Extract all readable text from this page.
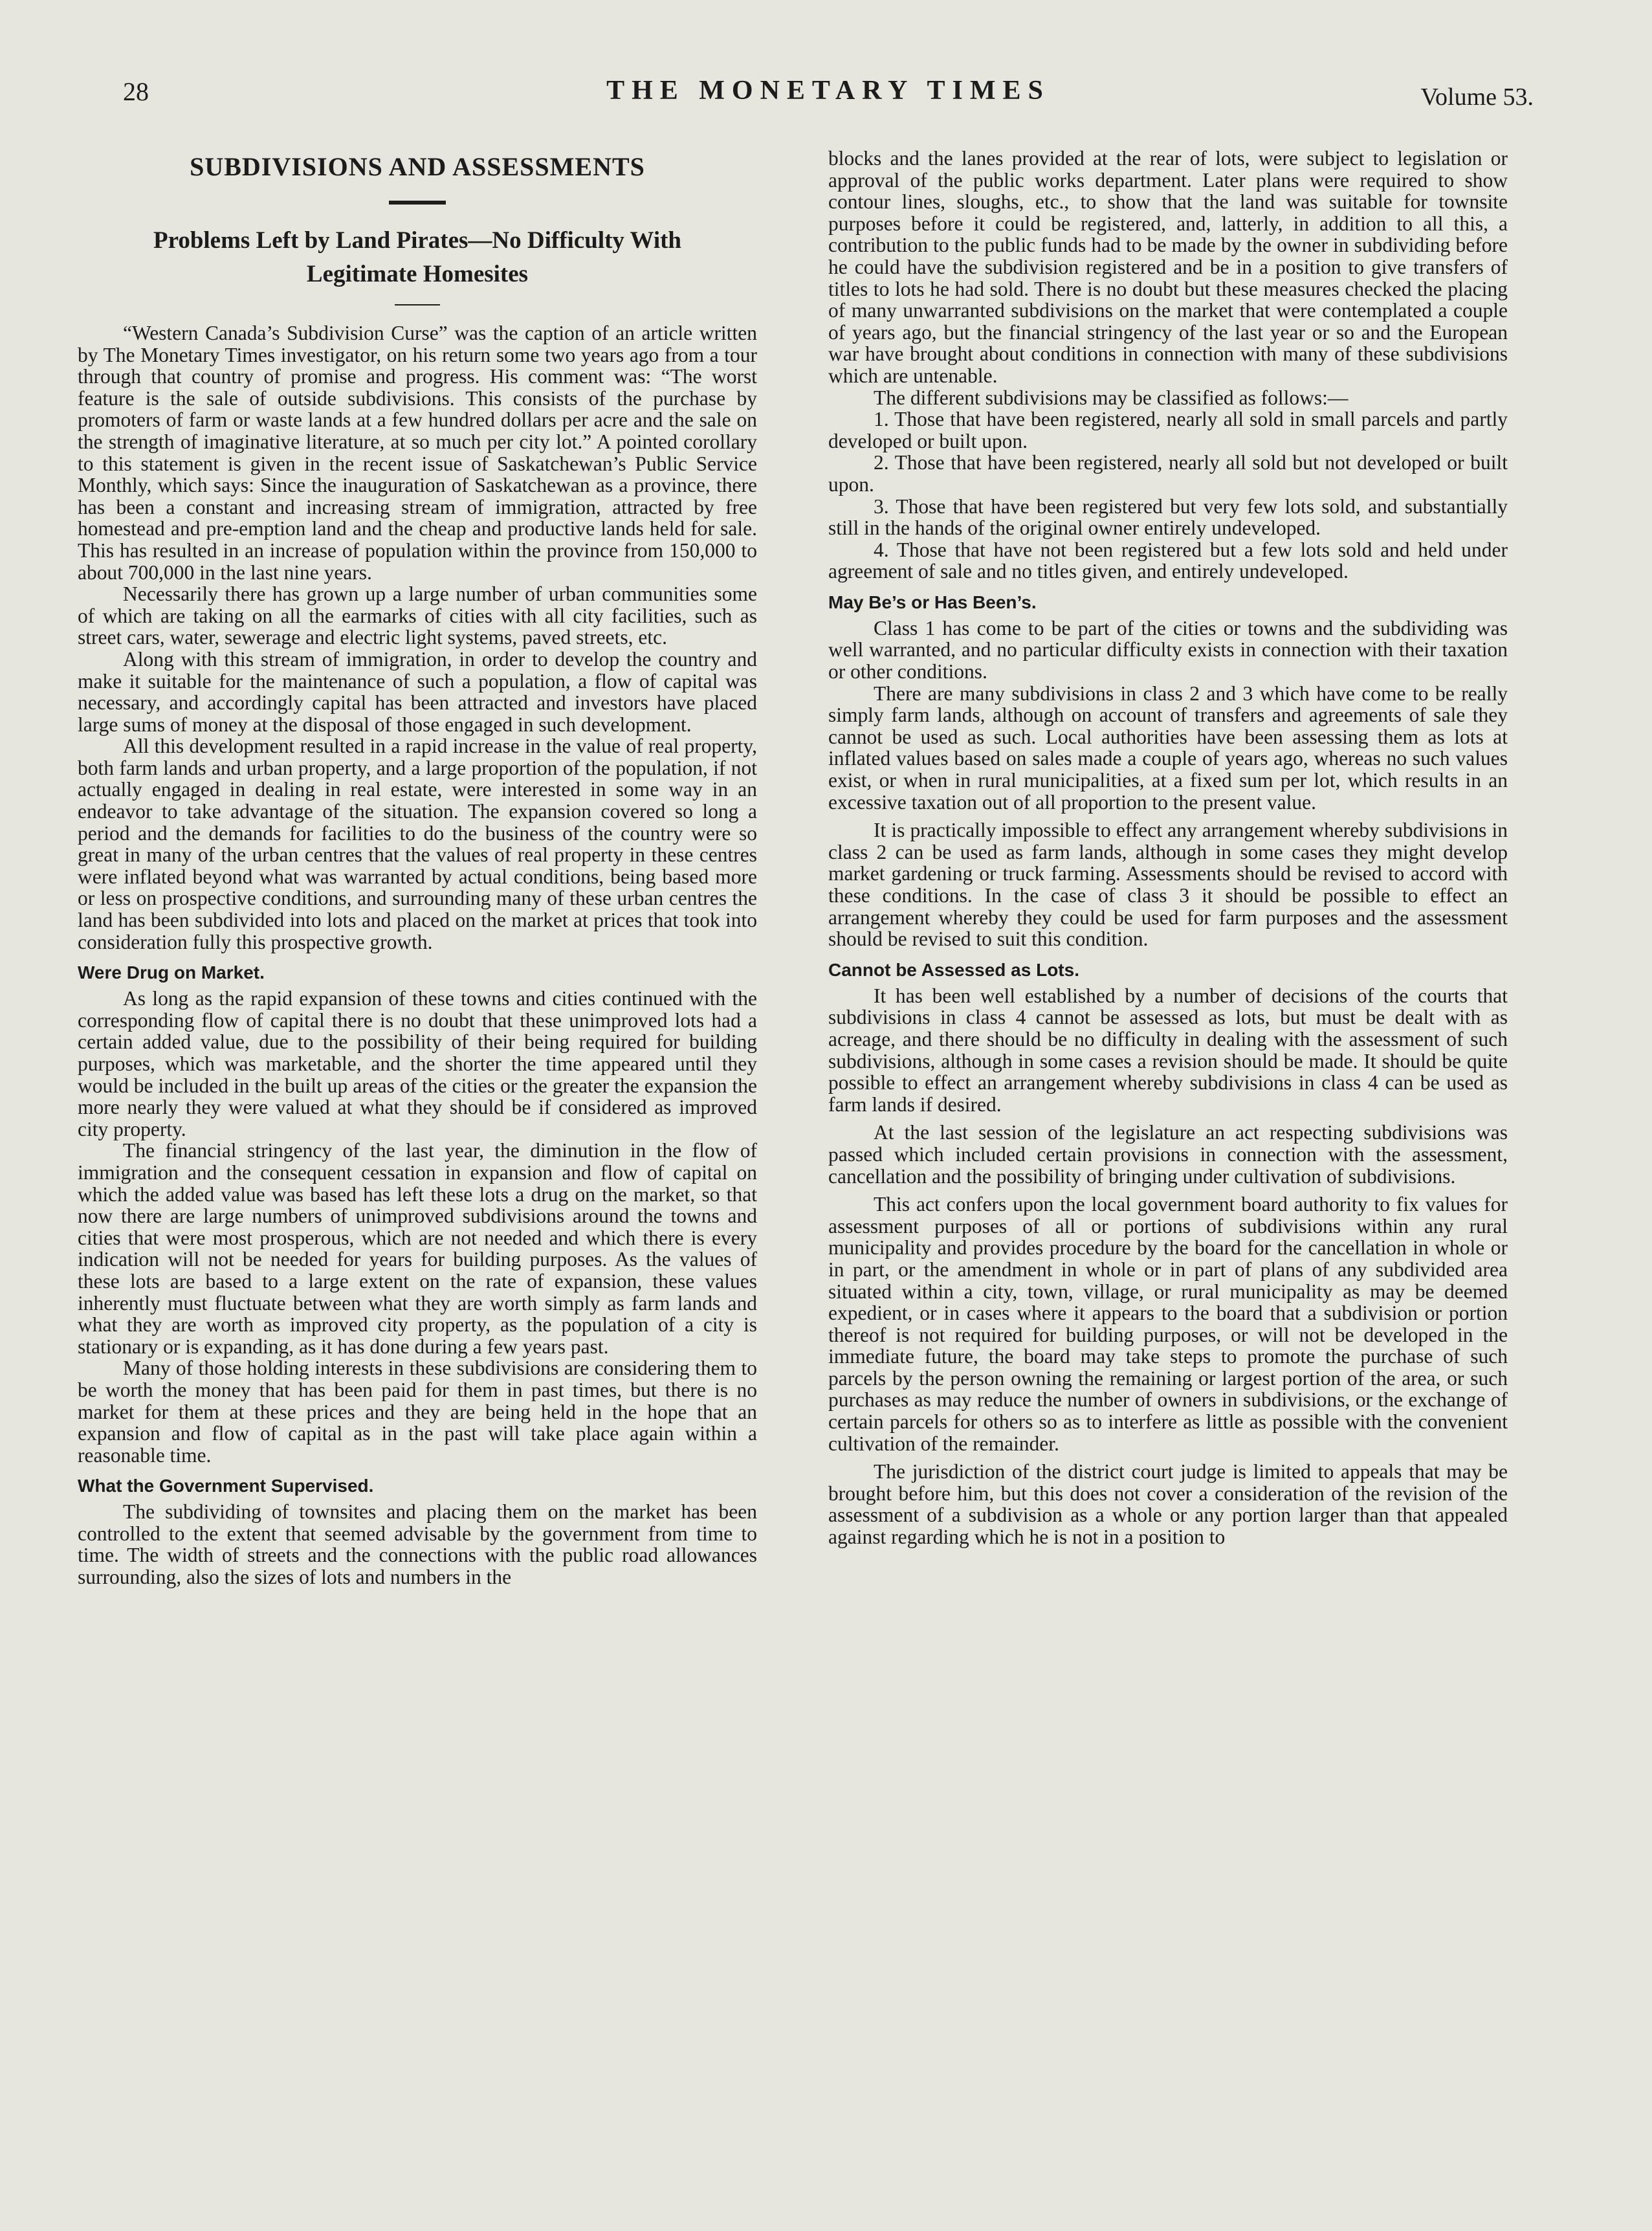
28	THE MONETARY TIMES	Volume 53.
SUBDIVISIONS AND ASSESSMENTS
Problems Left by Land Pirates—No Difficulty With Legitimate Homesites

“Western Canada’s Subdivision Curse” was the caption of an article written by The Monetary Times investigator, on his return some two years ago from a tour through that country of promise and progress. His comment was: “The worst feature is the sale of outside subdivisions. This consists of the purchase by promoters of farm or waste lands at a few hundred dollars per acre and the sale on the strength of imaginative literature, at so much per city lot.” A pointed corollary to this statement is given in the recent issue of Saskatchewan’s Public Service Monthly, which says: Since the inauguration of Saskatchewan as a province, there has been a constant and increasing stream of immigration, attracted by free homestead and pre-emption land and the cheap and productive lands held for sale. This has resulted in an increase of population within the province from 150,000 to about 700,000 in the last nine years.

Necessarily there has grown up a large number of urban communities some of which are taking on all the earmarks of cities with all city facilities, such as street cars, water, sewerage and electric light systems, paved streets, etc.

Along with this stream of immigration, in order to develop the country and make it suitable for the maintenance of such a population, a flow of capital was necessary, and accordingly capital has been attracted and investors have placed large sums of money at the disposal of those engaged in such development.

All this development resulted in a rapid increase in the value of real property, both farm lands and urban property, and a large proportion of the population, if not actually engaged in dealing in real estate, were interested in some way in an endeavor to take advantage of the situation. The expansion covered so long a period and the demands for facilities to do the business of the country were so great in many of the urban centres that the values of real property in these centres were inflated beyond what was warranted by actual conditions, being based more or less on prospective conditions, and surrounding many of these urban centres the land has been subdivided into lots and placed on the market at prices that took into consideration fully this prospective growth.

Were Drug on Market.

As long as the rapid expansion of these towns and cities continued with the corresponding flow of capital there is no doubt that these unimproved lots had a certain added value, due to the possibility of their being required for building purposes, which was marketable, and the shorter the time appeared until they would be included in the built up areas of the cities or the greater the expansion the more nearly they were valued at what they should be if considered as improved city property.

The financial stringency of the last year, the diminution in the flow of immigration and the consequent cessation in expansion and flow of capital on which the added value was based has left these lots a drug on the market, so that now there are large numbers of unimproved subdivisions around the towns and cities that were most prosperous, which are not needed and which there is every indication will not be needed for years for building purposes. As the values of these lots are based to a large extent on the rate of expansion, these values inherently must fluctuate between what they are worth simply as farm lands and what they are worth as improved city property, as the population of a city is stationary or is expanding, as it has done during a few years past.

Many of those holding interests in these subdivisions are considering them to be worth the money that has been paid for them in past times, but there is no market for them at these prices and they are being held in the hope that an expansion and flow of capital as in the past will take place again within a reasonable time.

What the Government Supervised.

The subdividing of townsites and placing them on the market has been controlled to the extent that seemed advisable by the government from time to time. The width of streets and the connections with the public road allowances surrounding, also the sizes of lots and numbers in the

blocks and the lanes provided at the rear of lots, were subject to legislation or approval of the public works department. Later plans were required to show contour lines, sloughs, etc., to show that the land was suitable for townsite purposes before it could be registered, and, latterly, in addition to all this, a contribution to the public funds had to be made by the owner in subdividing before he could have the subdivision registered and be in a position to give transfers of titles to lots he had sold. There is no doubt but these measures checked the placing of many unwarranted subdivisions on the market that were contemplated a couple of years ago, but the financial stringency of the last year or so and the European war have brought about conditions in connection with many of these subdivisions which are untenable.

The different subdivisions may be classified as follows:—

1. Those that have been registered, nearly all sold in small parcels and partly developed or built upon.

2. Those that have been registered, nearly all sold but not developed or built upon.

3. Those that have been registered but very few lots sold, and substantially still in the hands of the original owner entirely undeveloped.

4. Those that have not been registered but a few lots sold and held under agreement of sale and no titles given, and entirely undeveloped.

May Be’s or Has Been’s.

Class 1 has come to be part of the cities or towns and the subdividing was well warranted, and no particular difficulty exists in connection with their taxation or other conditions.

There are many subdivisions in class 2 and 3 which have come to be really simply farm lands, although on account of transfers and agreements of sale they cannot be used as such. Local authorities have been assessing them as lots at inflated values based on sales made a couple of years ago, whereas no such values exist, or when in rural municipalities, at a fixed sum per lot, which results in an excessive taxation out of all proportion to the present value.

It is practically impossible to effect any arrangement whereby subdivisions in class 2 can be used as farm lands, although in some cases they might develop market gardening or truck farming. Assessments should be revised to accord with these conditions. In the case of class 3 it should be possible to effect an arrangement whereby they could be used for farm purposes and the assessment should be revised to suit this condition.

Cannot be Assessed as Lots.

It has been well established by a number of decisions of the courts that subdivisions in class 4 cannot be assessed as lots, but must be dealt with as acreage, and there should be no difficulty in dealing with the assessment of such subdivisions, although in some cases a revision should be made. It should be quite possible to effect an arrangement whereby subdivisions in class 4 can be used as farm lands if desired.

At the last session of the legislature an act respecting subdivisions was passed which included certain provisions in connection with the assessment, cancellation and the possibility of bringing under cultivation of subdivisions.

This act confers upon the local government board authority to fix values for assessment purposes of all or portions of subdivisions within any rural municipality and provides procedure by the board for the cancellation in whole or in part, or the amendment in whole or in part of plans of any subdivided area situated within a city, town, village, or rural municipality as may be deemed expedient, or in cases where it appears to the board that a subdivision or portion thereof is not required for building purposes, or will not be developed in the immediate future, the board may take steps to promote the purchase of such parcels by the person owning the remaining or largest portion of the area, or such purchases as may reduce the number of owners in subdivisions, or the exchange of certain parcels for others so as to interfere as little as possible with the convenient cultivation of the remainder.

The jurisdiction of the district court judge is limited to appeals that may be brought before him, but this does not cover a consideration of the revision of the assessment of a subdivision as a whole or any portion larger than that appealed against regarding which he is not in a position to
